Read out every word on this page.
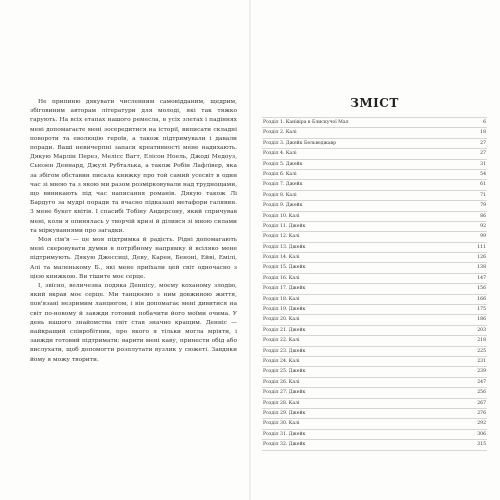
Не припиню дякувати численним самовідданим, щедрим, збіговиним авторам літератури для молоді, які так тяжко гарують. На всіх етапах нашого ремесла, в усіх злетах і падіннях мені допомагаєте мені зосередитися на історії, виписати складні повороти та еволюцію героїв, а також підтримували і давали поради. Ваші невичерпні запаси креативності мене надихають. Дякую Марлін Перез, Мелісс Вагт, Елісон Ноель, Джоді Медоуз, Сьюзен Деннард, Джулі Рубталька, а також Робін Лафлівер, яка за збігом обставин писала книжку про той самий усесвіт в один час зі мною та з якою ми разом розмірковували над труднощами, що виникають під час написання романів. Дякую також Лі Бардуго за мудрі поради та вчасно підказані метафори галявин. З мене букет квітів. І спасибі Тобіну Андерсону, який спричував мені, коли я опинялась у творчій кризі й ділився зі мною силами та міркуваннями про загадки.

Моя сім'я — це моя підтримка й радість. Рідні допомагають мені скеровувати думки в потрібному напрямку й всіляко мене підтримують. Дякую Джессиці, Деву, Карен, Беноні, Ейві, Емілі, Алі та маленькому Б., які мене приїхали цей світ одночасно з цією книжкою. Ви тішите моє серце.

І, звісно, величезна подяка Деннісу, моєму коханому злодію, який вкрав моє серце. Ми танцюємо з ним довжиною життя, пов'язані незримим ланцюгом, і він допомагає мені дивитися на світ по-новому й завжди готовий побачити його моїми очима. У день нашого знайомства світ став значно кращим. Денніс — найкращий співробітник, про якого я тільки могла мріяти, і завжди готовий підтримати: варити мені каву, принести обід або вислухати, щоб допомогти розплутати вузлик у сюжеті. Завдяки йому я можу творити.

ЗМІСТ
Розділ 1. Канівіра в Блискучої Мал	6
Розділ 2. Калі	18
Розділ 3. Джейк Бельведжавр	27
Розділ 4. Калі	27
Розділ 5. Джейк	31
Розділ 6. Калі	54
Розділ 7. Джейк	61
Розділ 8. Калі	71
Розділ 9. Джейк	79
Розділ 10. Калі	86
Розділ 11. Джейк	92
Розділ 12. Калі	99
Розділ 13. Джейк	111
Розділ 14. Калі	126
Розділ 15. Джейк	138
Розділ 16. Калі	147
Розділ 17. Джейк	156
Розділ 18. Калі	166
Розділ 19. Джейк	175
Розділ 20. Калі	186
Розділ 21. Джейк	203
Розділ 22. Калі	218
Розділ 23. Джейк	225
Розділ 24. Калі	231
Розділ 25. Джейк	239
Розділ 26. Калі	247
Розділ 27. Джейк	256
Розділ 28. Калі	267
Розділ 29. Джейк	276
Розділ 30. Калі	292
Розділ 31. Джейк	306
Розділ 32. Джейк	315
